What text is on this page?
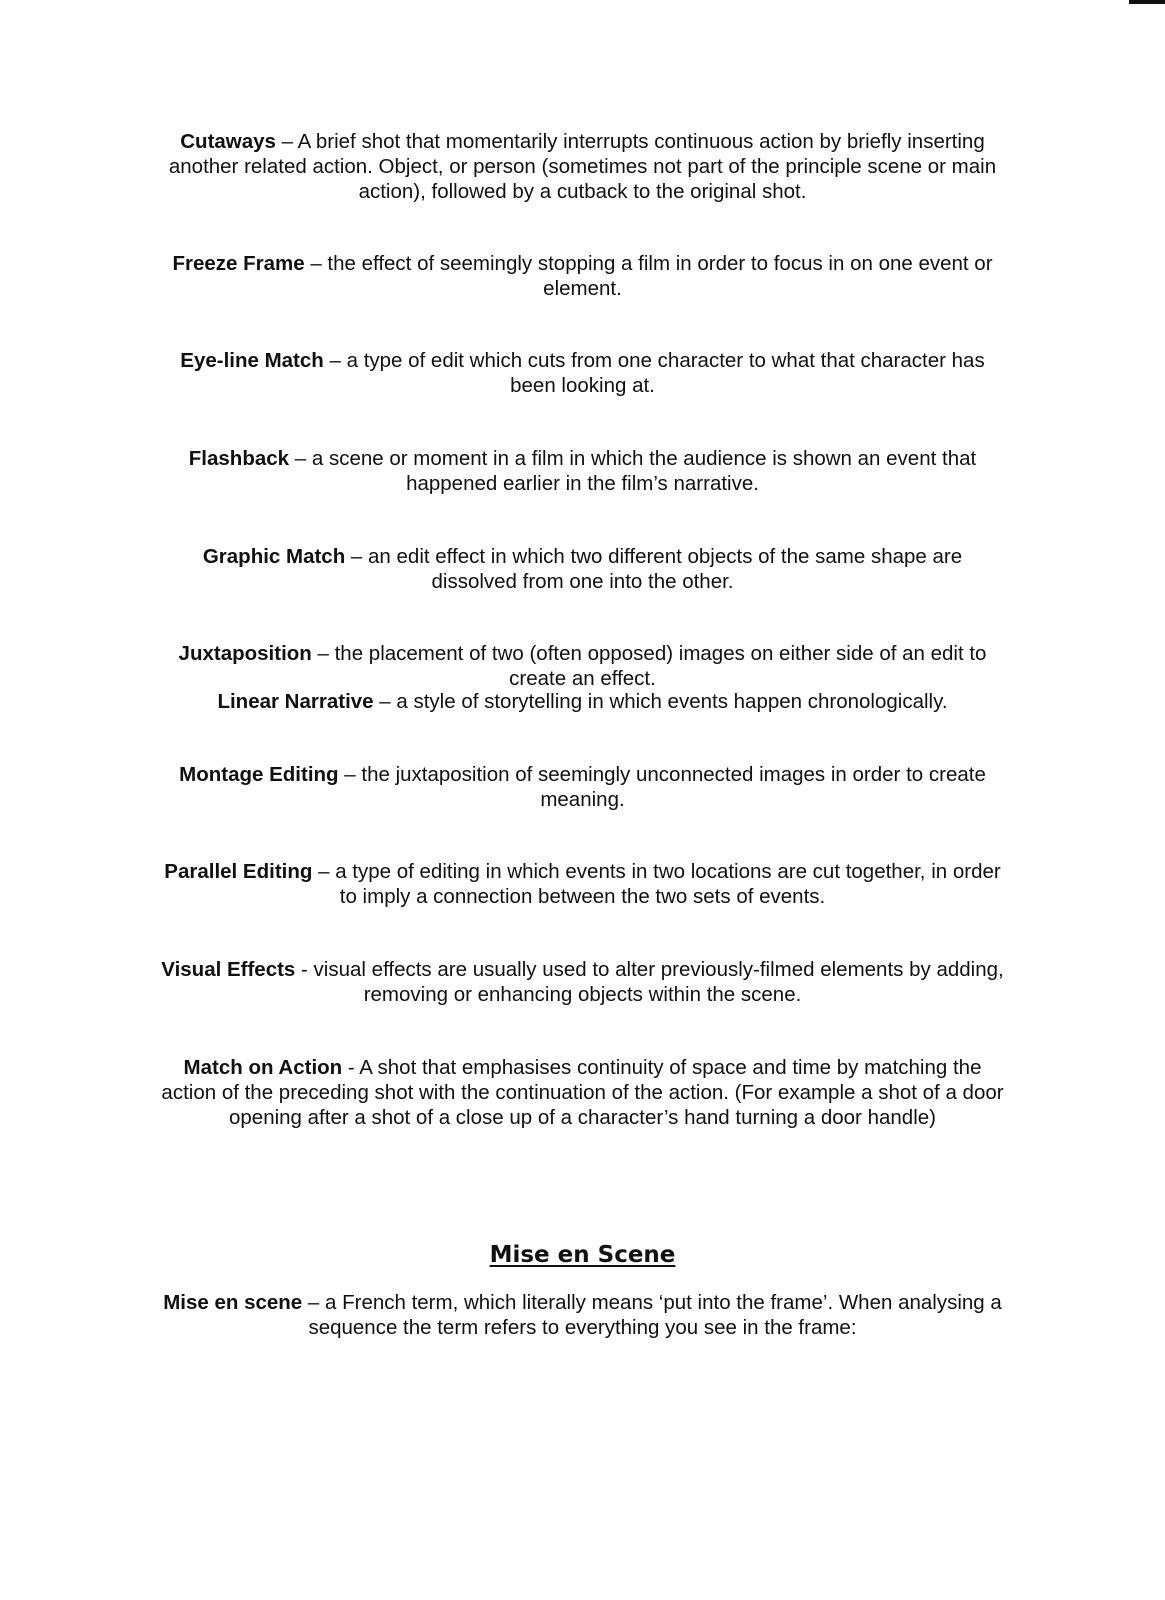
Cutaways – A brief shot that momentarily interrupts continuous action by briefly inserting another related action. Object, or person (sometimes not part of the principle scene or main action), followed by a cutback to the original shot.

Freeze Frame – the effect of seemingly stopping a film in order to focus in on one event or element.

Eye-line Match – a type of edit which cuts from one character to what that character has been looking at.

Flashback – a scene or moment in a film in which the audience is shown an event that happened earlier in the film’s narrative.

Graphic Match – an edit effect in which two different objects of the same shape are dissolved from one into the other.

Juxtaposition – the placement of two (often opposed) images on either side of an edit to create an effect.

Linear Narrative – a style of storytelling in which events happen chronologically.

Montage Editing – the juxtaposition of seemingly unconnected images in order to create meaning.

Parallel Editing – a type of editing in which events in two locations are cut together, in order to imply a connection between the two sets of events.

Visual Effects - visual effects are usually used to alter previously-filmed elements by adding, removing or enhancing objects within the scene.

Match on Action - A shot that emphasises continuity of space and time by matching the action of the preceding shot with the continuation of the action. (For example a shot of a door opening after a shot of a close up of a character’s hand turning a door handle)

Mise en Scene

Mise en scene – a French term, which literally means ‘put into the frame’. When analysing a sequence the term refers to everything you see in the frame:
